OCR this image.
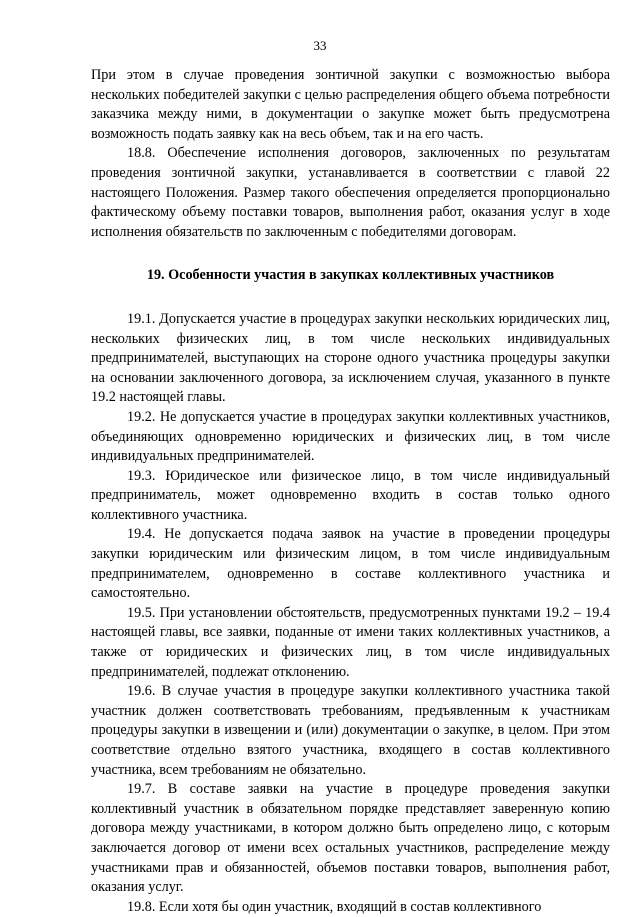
33

При этом в случае проведения зонтичной закупки с возможностью выбора нескольких победителей закупки с целью распределения общего объема потребности заказчика между ними, в документации о закупке может быть предусмотрена возможность подать заявку как на весь объем, так и на его часть.

18.8. Обеспечение исполнения договоров, заключенных по результатам проведения зонтичной закупки, устанавливается в соответствии с главой 22 настоящего Положения. Размер такого обеспечения определяется пропорционально фактическому объему поставки товаров, выполнения работ, оказания услуг в ходе исполнения обязательств по заключенным с победителями договорам.

19. Особенности участия в закупках коллективных участников

19.1. Допускается участие в процедурах закупки нескольких юридических лиц, нескольких физических лиц, в том числе нескольких индивидуальных предпринимателей, выступающих на стороне одного участника процедуры закупки на основании заключенного договора, за исключением случая, указанного в пункте 19.2 настоящей главы.

19.2. Не допускается участие в процедурах закупки коллективных участников, объединяющих одновременно юридических и физических лиц, в том числе индивидуальных предпринимателей.

19.3. Юридическое или физическое лицо, в том числе индивидуальный предприниматель, может одновременно входить в состав только одного коллективного участника.

19.4. Не допускается подача заявок на участие в проведении процедуры закупки юридическим или физическим лицом, в том числе индивидуальным предпринимателем, одновременно в составе коллективного участника и самостоятельно.

19.5. При установлении обстоятельств, предусмотренных пунктами 19.2 – 19.4 настоящей главы, все заявки, поданные от имени таких коллективных участников, а также от юридических и физических лиц, в том числе индивидуальных предпринимателей, подлежат отклонению.

19.6. В случае участия в процедуре закупки коллективного участника такой участник должен соответствовать требованиям, предъявленным к участникам процедуры закупки в извещении и (или) документации о закупке, в целом. При этом соответствие отдельно взятого участника, входящего в состав коллективного участника, всем требованиям не обязательно.

19.7. В составе заявки на участие в процедуре проведения закупки коллективный участник в обязательном порядке представляет заверенную копию договора между участниками, в котором должно быть определено лицо, с которым заключается договор от имени всех остальных участников, распределение между участниками прав и обязанностей, объемов поставки товаров, выполнения работ, оказания услуг.

19.8. Если хотя бы один участник, входящий в состав коллективного
